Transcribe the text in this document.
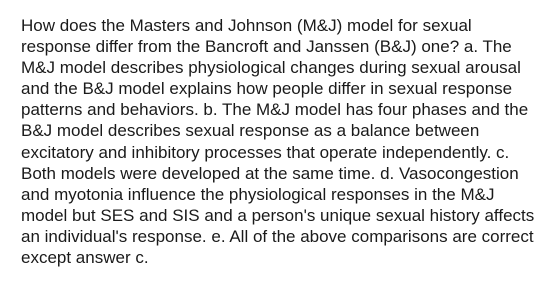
How does the Masters and Johnson (M&J) model for sexual response differ from the Bancroft and Janssen (B&J) one? a. The M&J model describes physiological changes during sexual arousal and the B&J model explains how people differ in sexual response patterns and behaviors. b. The M&J model has four phases and the B&J model describes sexual response as a balance between excitatory and inhibitory processes that operate independently. c. Both models were developed at the same time. d. Vasocongestion and myotonia influence the physiological responses in the M&J model but SES and SIS and a person's unique sexual history affects an individual's response. e. All of the above comparisons are correct except answer c.
